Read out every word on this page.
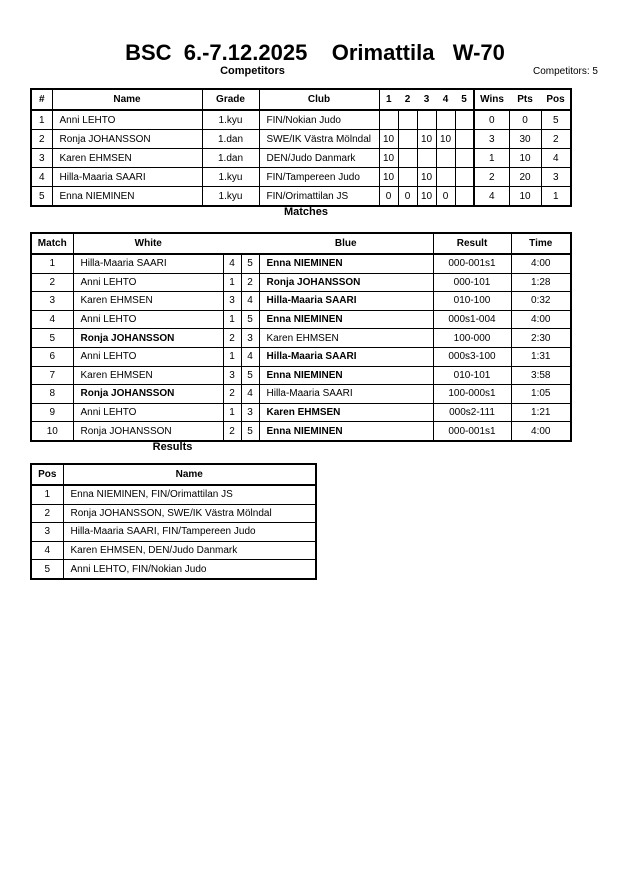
BSC  6.-7.12.2025    Orimattila   W-70
Competitors	Competitors: 5
#	Name	Grade	Club	1	2	3	4	5	Wins	Pts	Pos
1	Anni LEHTO	1.kyu	FIN/Nokian Judo						0	0	5
2	Ronja JOHANSSON	1.dan	SWE/IK Västra Mölndal	10		10	10		3	30	2
3	Karen EHMSEN	1.dan	DEN/Judo Danmark	10					1	10	4
4	Hilla-Maaria SAARI	1.kyu	FIN/Tampereen Judo	10		10			2	20	3
5	Enna NIEMINEN	1.kyu	FIN/Orimattilan JS	0	0	10	0		4	10	1
Matches
Match	White			Blue	Result	Time
1	Hilla-Maaria SAARI	4	5	Enna NIEMINEN	000-001s1	4:00
2	Anni LEHTO	1	2	Ronja JOHANSSON	000-101	1:28
3	Karen EHMSEN	3	4	Hilla-Maaria SAARI	010-100	0:32
4	Anni LEHTO	1	5	Enna NIEMINEN	000s1-004	4:00
5	Ronja JOHANSSON	2	3	Karen EHMSEN	100-000	2:30
6	Anni LEHTO	1	4	Hilla-Maaria SAARI	000s3-100	1:31
7	Karen EHMSEN	3	5	Enna NIEMINEN	010-101	3:58
8	Ronja JOHANSSON	2	4	Hilla-Maaria SAARI	100-000s1	1:05
9	Anni LEHTO	1	3	Karen EHMSEN	000s2-111	1:21
10	Ronja JOHANSSON	2	5	Enna NIEMINEN	000-001s1	4:00
Results
Pos	Name
1	Enna NIEMINEN, FIN/Orimattilan JS
2	Ronja JOHANSSON, SWE/IK Västra Mölndal
3	Hilla-Maaria SAARI, FIN/Tampereen Judo
4	Karen EHMSEN, DEN/Judo Danmark
5	Anni LEHTO, FIN/Nokian Judo
